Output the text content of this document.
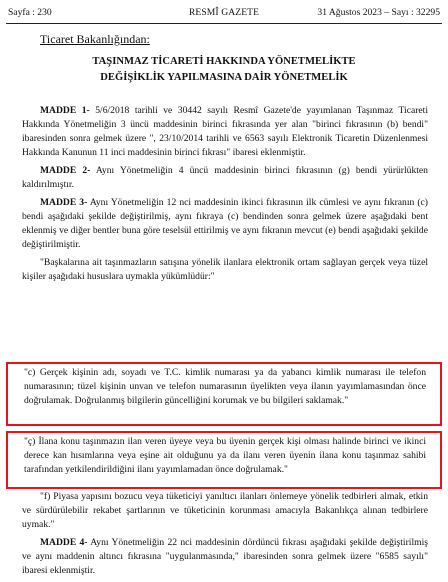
Sayfa : 230	RESMÎ GAZETE	31 Ağustos 2023 – Sayı : 32295
Ticaret Bakanlığından:
TAŞINMAZ TİCARETİ HAKKINDA YÖNETMELİKTE
DEĞİŞİKLİK YAPILMASINA DAİR YÖNETMELİK

MADDE 1- 5/6/2018 tarihli ve 30442 sayılı Resmî Gazete'de yayımlanan Taşınmaz Ticareti Hakkında Yönetmeliğin 3 üncü maddesinin birinci fıkrasında yer alan "birinci fıkrasının (b) bendi" ibaresinden sonra gelmek üzere ", 23/10/2014 tarihli ve 6563 sayılı Elektronik Ticaretin Düzenlenmesi Hakkında Kanunun 11 inci maddesinin birinci fıkrası" ibaresi eklenmiştir.

MADDE 2- Aynı Yönetmeliğin 4 üncü maddesinin birinci fıkrasının (g) bendi yürürlükten kaldırılmıştır.

MADDE 3- Aynı Yönetmeliğin 12 nci maddesinin ikinci fıkrasının ilk cümlesi ve aynı fıkranın (c) bendi aşağıdaki şekilde değiştirilmiş, aynı fıkraya (c) bendinden sonra gelmek üzere aşağıdaki bent eklenmiş ve diğer bentler buna göre teselsül ettirilmiş ve aynı fıkranın mevcut (e) bendi aşağıdaki şekilde değiştirilmiştir.

"Başkalarına ait taşınmazların satışına yönelik ilanlara elektronik ortam sağlayan gerçek veya tüzel kişiler aşağıdaki hususlara uymakla yükümlüdür:"

"c) Gerçek kişinin adı, soyadı ve T.C. kimlik numarası ya da yabancı kimlik numarası ile telefon numarasının; tüzel kişinin unvan ve telefon numarasının üyelikten veya ilanın yayımlamasından önce doğrulamak. Doğrulanmış bilgilerin güncelliğini korumak ve bu bilgileri saklamak."
"ç) İlana konu taşınmazın ilan veren üyeye veya bu üyenin gerçek kişi olması halinde birinci ve ikinci derece kan hısımlarına veya eşine ait olduğunu ya da ilanı veren üyenin ilana konu taşınmaz sahibi tarafından yetkilendirildiğini ilanı yayımlamadan önce doğrulamak."

"f) Piyasa yapısını bozucu veya tüketiciyi yanıltıcı ilanları önlemeye yönelik tedbirleri almak, etkin ve sürdürülebilir rekabet şartlarının ve tüketicinin korunması amacıyla Bakanlıkça alınan tedbirlere uymak."

MADDE 4- Aynı Yönetmeliğin 22 nci maddesinin dördüncü fıkrası aşağıdaki şekilde değiştirilmiş ve aynı maddenin altıncı fıkrasına "uygulanmasında," ibaresinden sonra gelmek üzere "6585 sayılı" ibaresi eklenmiştir.
